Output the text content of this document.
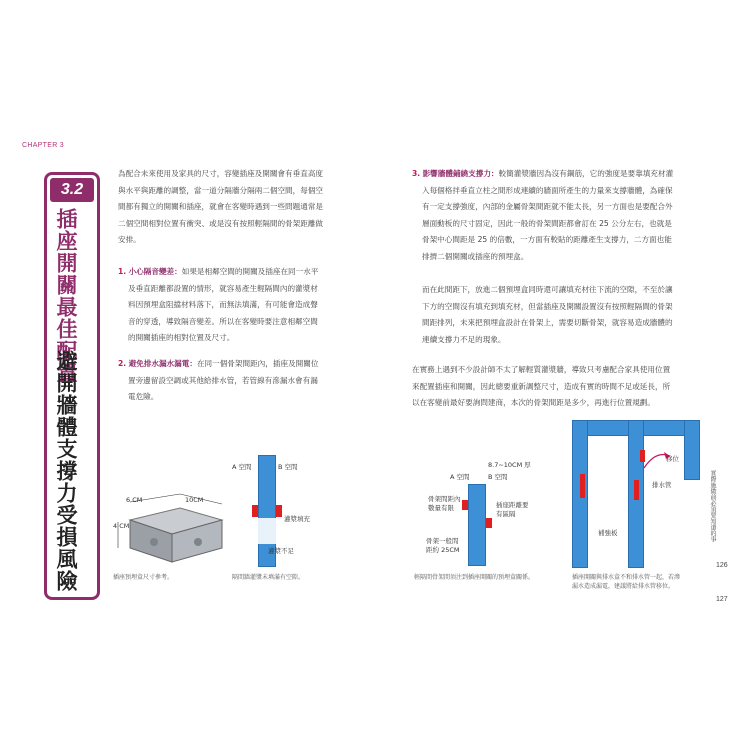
CHAPTER 3
3.2
插座開關最佳配置
避開牆體支撐力受損風險
為配合未來使用及家具的尺寸，容變插座及開關會有垂直高度
與水平與距離的調整，當一道分隔牆分隔兩二個空間，每個空
間都有獨立的開關和插座，就會在客變時遇到一些問題通常是
二個空間相對位置有衝突、或是沒有按照輕隔間的骨架距離做
安排。
1. 小心隔音變差：如果是相鄰空間的開關及插座在同一水平
及垂直距離都設置的情形，就容易產生輕隔間內的灌漿材
料因預埋盒阻擋材料落下，而無法填滿，有可能會造成聲
音的穿透，導致隔音變差。所以在客變時要注意相鄰空間
的開關插座的相對位置及尺寸。
2. 避免排水漏水漏電：在同一個骨架間距內，插座及開關位
置旁邊留設空調或其他給排水管，若管線有滲漏水會有漏
電危險。
10CM
6 CM
4 CM
插座預埋盒尺寸參考。
A 空間	B 空間
灌漿填充
灌漿不足
隔間牆灌漿未填滿有空隙。
3. 影響牆體鋪繞支撐力：較簡灌漿牆因為沒有鋼筋，它的強度是要靠填充材灌
入每個格拌垂直立柱之間形成連續的牆面所產生的力量來支撐牆體，為確保
有一定支撐強度，內部的金屬骨架間距就不能太長，另一方面也是要配合外
層面動板的尺寸固定，因此一般的骨架間距都會訂在 25 公分左右，也就是
骨架中心間距是 25 的倍數，一方面有較貼的距離產生支撐力，二方面也能
排擠二個開關或插座的預埋盒。
而在此間距下，放進二個預埋盒同時還可讓填充材往下流的空隙，不至於讓
下方的空間沒有填充到填充材，但當插座及開關設置沒有按照輕隔間的骨架
間距排列，未來把預埋盒設計在骨架上，需要切斷骨架，就容易造成牆體的
連續支撐力不足的現象。
在實務上遇到不少設計師不太了解輕質灌漿牆，導致只考慮配合家具使用位置
來配置插座和開關，因此總要重新調整尺寸，造成有實的時間不足或延長，所
以在客變前最好要詢問建商，本次的骨架間距是多少，再進行位置規劃。
8.7~10CM 厚
A 空間	B 空間
骨架間距內
數量有限	插座距離要
有區隔
骨架一般間
距約 25CM
輕隔間骨架間須注到插座開關的預埋盒關係。
移位
排水管
補強板
插座開關與排水盒不和排水管一起，若滲
漏水造成漏電，建議將給排水管移位。
實際施做前必須要知道的事
126
127
